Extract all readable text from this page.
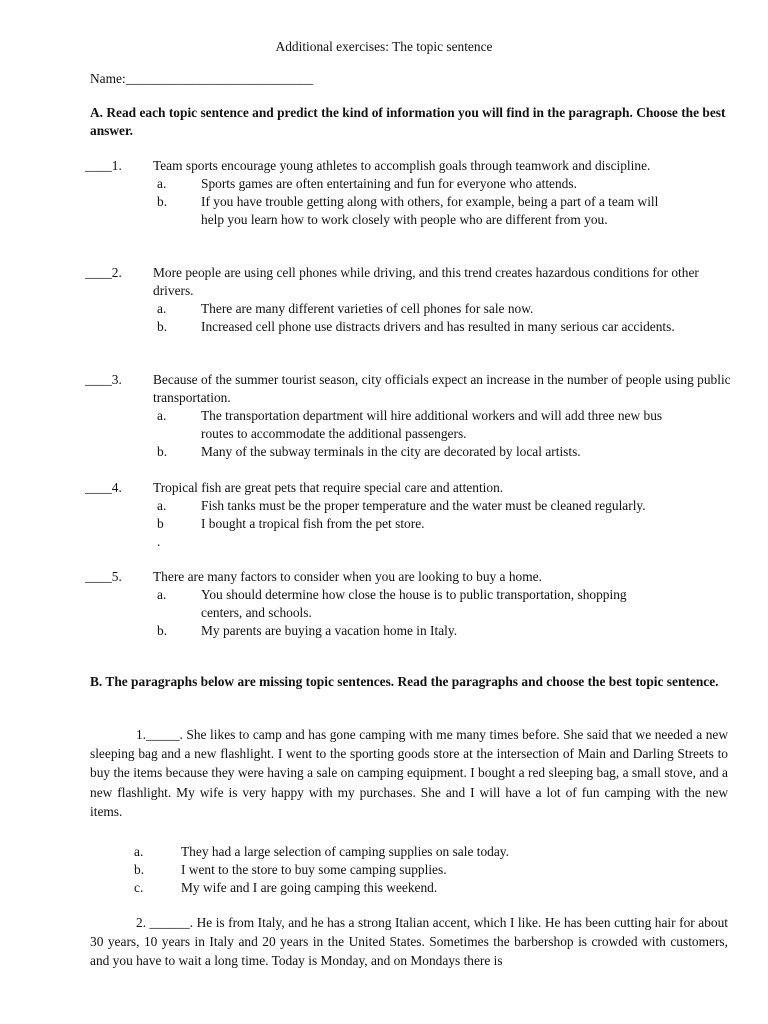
Additional exercises: The topic sentence
Name:____________________________
A. Read each topic sentence and predict the kind of information you will find in the paragraph. Choose the best answer.
____1. Team sports encourage young athletes to accomplish goals through teamwork and discipline.
a.	Sports games are often entertaining and fun for everyone who attends.
b.	If you have trouble getting along with others, for example, being a part of a team will help you learn how to work closely with people who are different from you.
____2. More people are using cell phones while driving, and this trend creates hazardous conditions for other drivers.
a.	There are many different varieties of cell phones for sale now.
b.	Increased cell phone use distracts drivers and has resulted in many serious car accidents.
____3. Because of the summer tourist season, city officials expect an increase in the number of people using public transportation.
a.	The transportation department will hire additional workers and will add three new bus routes to accommodate the additional passengers.
b.	Many of the subway terminals in the city are decorated by local artists.
____4. Tropical fish are great pets that require special care and attention.
a.	Fish tanks must be the proper temperature and the water must be cleaned regularly.
b	I bought a tropical fish from the pet store.
.
____5. There are many factors to consider when you are looking to buy a home.
a.	You should determine how close the house is to public transportation, shopping centers, and schools.
b.	My parents are buying a vacation home in Italy.
B. The paragraphs below are missing topic sentences. Read the paragraphs and choose the best topic sentence.
1._____. She likes to camp and has gone camping with me many times before. She said that we needed a new sleeping bag and a new flashlight. I went to the sporting goods store at the intersection of Main and Darling Streets to buy the items because they were having a sale on camping equipment. I bought a red sleeping bag, a small stove, and a new flashlight. My wife is very happy with my purchases. She and I will have a lot of fun camping with the new items.
a.	They had a large selection of camping supplies on sale today.
b.	I went to the store to buy some camping supplies.
c.	My wife and I are going camping this weekend.
2. ______. He is from Italy, and he has a strong Italian accent, which I like. He has been cutting hair for about 30 years, 10 years in Italy and 20 years in the United States. Sometimes the barbershop is crowded with customers, and you have to wait a long time. Today is Monday, and on Mondays there is
